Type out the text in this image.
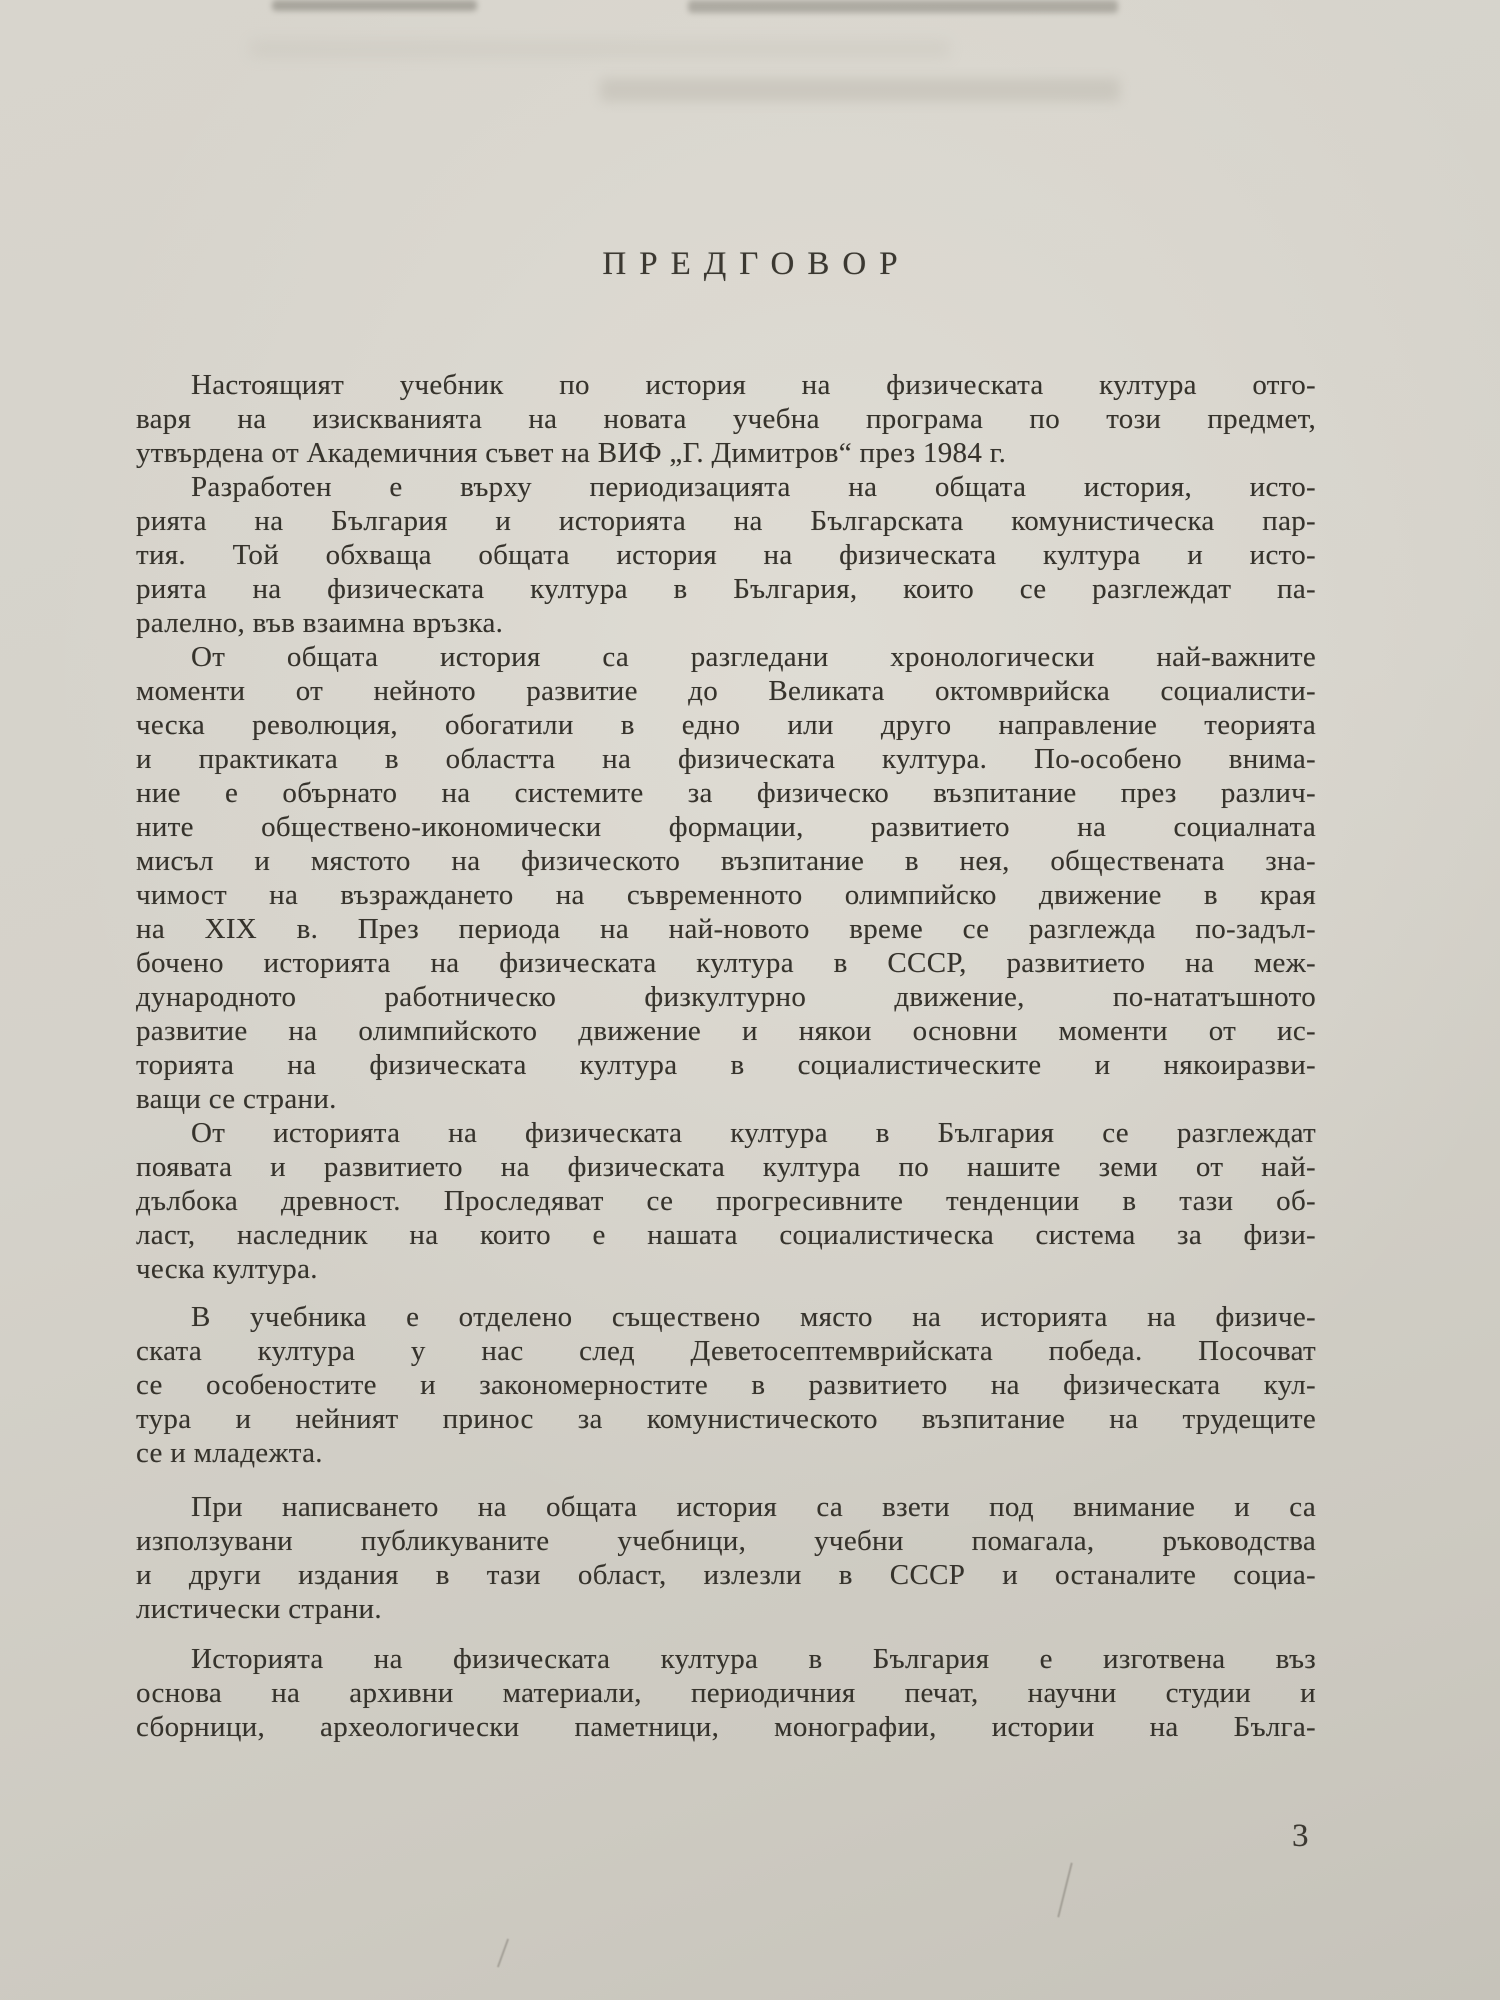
ПРЕДГОВОР
Настоящият учебник по история на физическата култура отго-
варя на изискванията на новата учебна програма по този предмет,
утвърдена от Академичния съвет на ВИФ „Г. Димитров“ през 1984 г.
Разработен е върху периодизацията на общата история, исто-
рията на България и историята на Българската комунистическа пар-
тия. Той обхваща общата история на физическата култура и исто-
рията на физическата култура в България, които се разглеждат па-
ралелно, във взаимна връзка.
От общата история са разгледани хронологически най-важните
моменти от нейното развитие до Великата октомврийска социалисти-
ческа революция, обогатили в едно или друго направление теорията
и практиката в областта на физическата култура. По-особено внима-
ние е обърнато на системите за физическо възпитание през различ-
ните обществено-икономически формации, развитието на социалната
мисъл и мястото на физическото възпитание в нея, обществената зна-
чимост на възраждането на съвременното олимпийско движение в края
на XIX в. През периода на най-новото време се разглежда по-задъл-
бочено историята на физическата култура в СССР, развитието на меж-
дународното работническо физкултурно движение, по-нататъшното
развитие на олимпийското движение и някои основни моменти от ис-
торията на физическата култура в социалистическите и някоиразви-
ващи се страни.
От историята на физическата култура в България се разглеждат
появата и развитието на физическата култура по нашите земи от най-
дълбока древност. Проследяват се прогресивните тенденции в тази об-
ласт, наследник на които е нашата социалистическа система за физи-
ческа култура.
В учебника е отделено съществено място на историята на физиче-
ската култура у нас след Деветосептемврийската победа. Посочват
се особеностите и закономерностите в развитието на физическата кул-
тура и нейният принос за комунистическото възпитание на трудещите
се и младежта.
При написването на общата история са взети под внимание и са
използувани публикуваните учебници, учебни помагала, ръководства
и други издания в тази област, излезли в СССР и останалите социа-
листически страни.
Историята на физическата култура в България е изготвена въз
основа на архивни материали, периодичния печат, научни студии и
сборници, археологически паметници, монографии, истории на Бълга-
3
